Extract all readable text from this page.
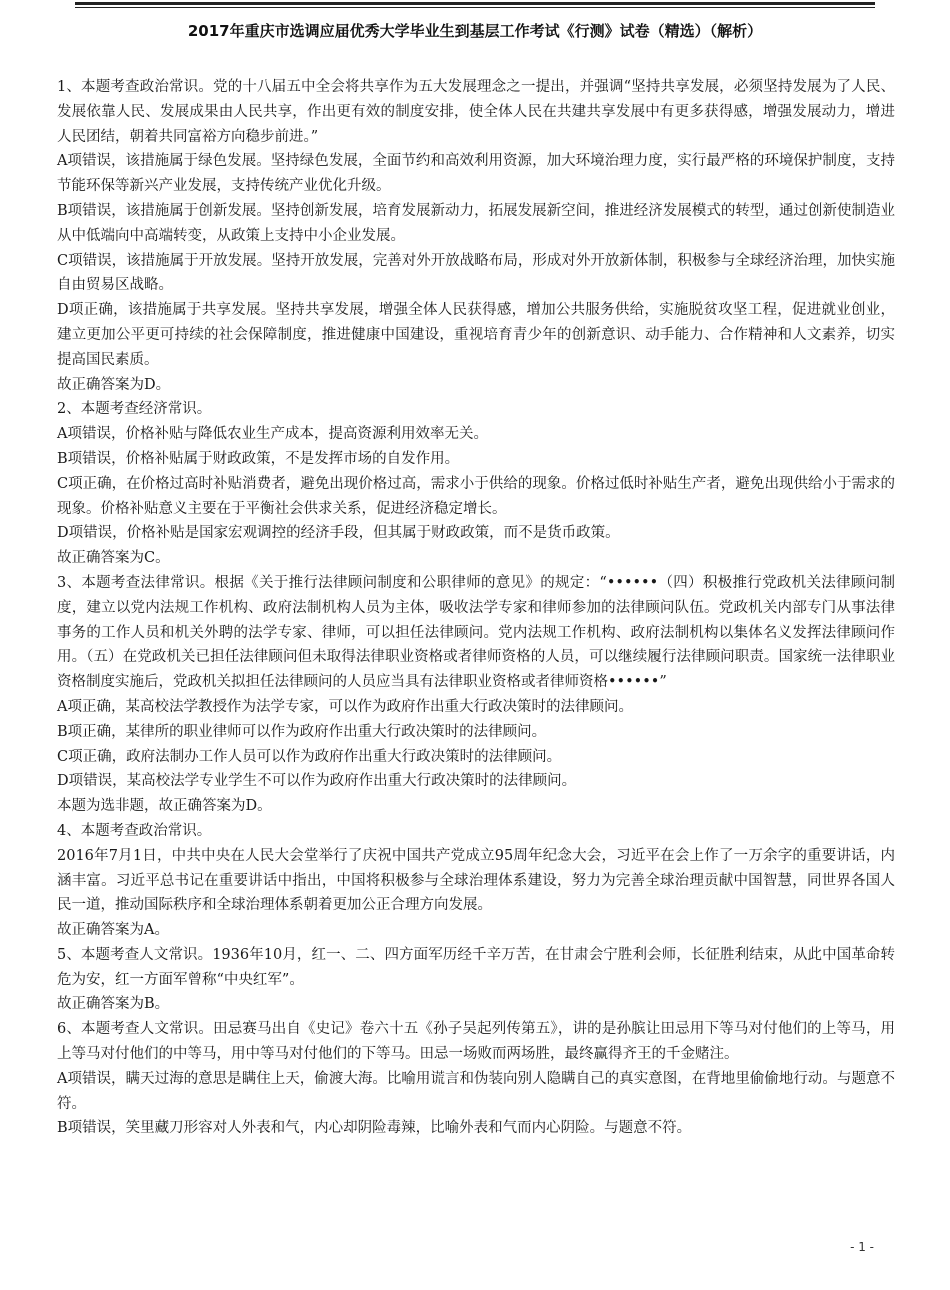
2017年重庆市选调应届优秀大学毕业生到基层工作考试《行测》试卷（精选）（解析）

1、本题考查政治常识。党的十八届五中全会将共享作为五大发展理念之一提出，并强调“坚持共享发展，必须坚持发展为了人民、发展依靠人民、发展成果由人民共享，作出更有效的制度安排，使全体人民在共建共享发展中有更多获得感，增强发展动力，增进人民团结，朝着共同富裕方向稳步前进。”

A项错误，该措施属于绿色发展。坚持绿色发展，全面节约和高效利用资源，加大环境治理力度，实行最严格的环境保护制度，支持节能环保等新兴产业发展，支持传统产业优化升级。

B项错误，该措施属于创新发展。坚持创新发展，培育发展新动力，拓展发展新空间，推进经济发展模式的转型，通过创新使制造业从中低端向中高端转变，从政策上支持中小企业发展。

C项错误，该措施属于开放发展。坚持开放发展，完善对外开放战略布局，形成对外开放新体制，积极参与全球经济治理，加快实施自由贸易区战略。

D项正确，该措施属于共享发展。坚持共享发展，增强全体人民获得感，增加公共服务供给，实施脱贫攻坚工程，促进就业创业，建立更加公平更可持续的社会保障制度，推进健康中国建设，重视培育青少年的创新意识、动手能力、合作精神和人文素养，切实提高国民素质。

故正确答案为D。

2、本题考查经济常识。

A项错误，价格补贴与降低农业生产成本，提高资源利用效率无关。

B项错误，价格补贴属于财政政策，不是发挥市场的自发作用。

C项正确，在价格过高时补贴消费者，避免出现价格过高，需求小于供给的现象。价格过低时补贴生产者，避免出现供给小于需求的现象。价格补贴意义主要在于平衡社会供求关系，促进经济稳定增长。

D项错误，价格补贴是国家宏观调控的经济手段，但其属于财政政策，而不是货币政策。

故正确答案为C。

3、本题考查法律常识。根据《关于推行法律顾问制度和公职律师的意见》的规定：“••••••（四）积极推行党政机关法律顾问制度，建立以党内法规工作机构、政府法制机构人员为主体，吸收法学专家和律师参加的法律顾问队伍。党政机关内部专门从事法律事务的工作人员和机关外聘的法学专家、律师，可以担任法律顾问。党内法规工作机构、政府法制机构以集体名义发挥法律顾问作用。（五）在党政机关已担任法律顾问但未取得法律职业资格或者律师资格的人员，可以继续履行法律顾问职责。国家统一法律职业资格制度实施后，党政机关拟担任法律顾问的人员应当具有法律职业资格或者律师资格••••••”

A项正确，某高校法学教授作为法学专家，可以作为政府作出重大行政决策时的法律顾问。

B项正确，某律所的职业律师可以作为政府作出重大行政决策时的法律顾问。

C项正确，政府法制办工作人员可以作为政府作出重大行政决策时的法律顾问。

D项错误，某高校法学专业学生不可以作为政府作出重大行政决策时的法律顾问。

本题为选非题，故正确答案为D。

4、本题考查政治常识。

2016年7月1日，中共中央在人民大会堂举行了庆祝中国共产党成立95周年纪念大会，习近平在会上作了一万余字的重要讲话，内涵丰富。习近平总书记在重要讲话中指出，中国将积极参与全球治理体系建设，努力为完善全球治理贡献中国智慧，同世界各国人民一道，推动国际秩序和全球治理体系朝着更加公正合理方向发展。

故正确答案为A。

5、本题考查人文常识。1936年10月，红一、二、四方面军历经千辛万苦，在甘肃会宁胜利会师，长征胜利结束，从此中国革命转危为安，红一方面军曾称“中央红军”。

故正确答案为B。

6、本题考查人文常识。田忌赛马出自《史记》卷六十五《孙子吴起列传第五》，讲的是孙膑让田忌用下等马对付他们的上等马，用上等马对付他们的中等马，用中等马对付他们的下等马。田忌一场败而两场胜，最终赢得齐王的千金赌注。

A项错误，瞒天过海的意思是瞒住上天，偷渡大海。比喻用谎言和伪装向别人隐瞒自己的真实意图，在背地里偷偷地行动。与题意不符。

B项错误，笑里藏刀形容对人外表和气，内心却阴险毒辣，比喻外表和气而内心阴险。与题意不符。

- 1 -
